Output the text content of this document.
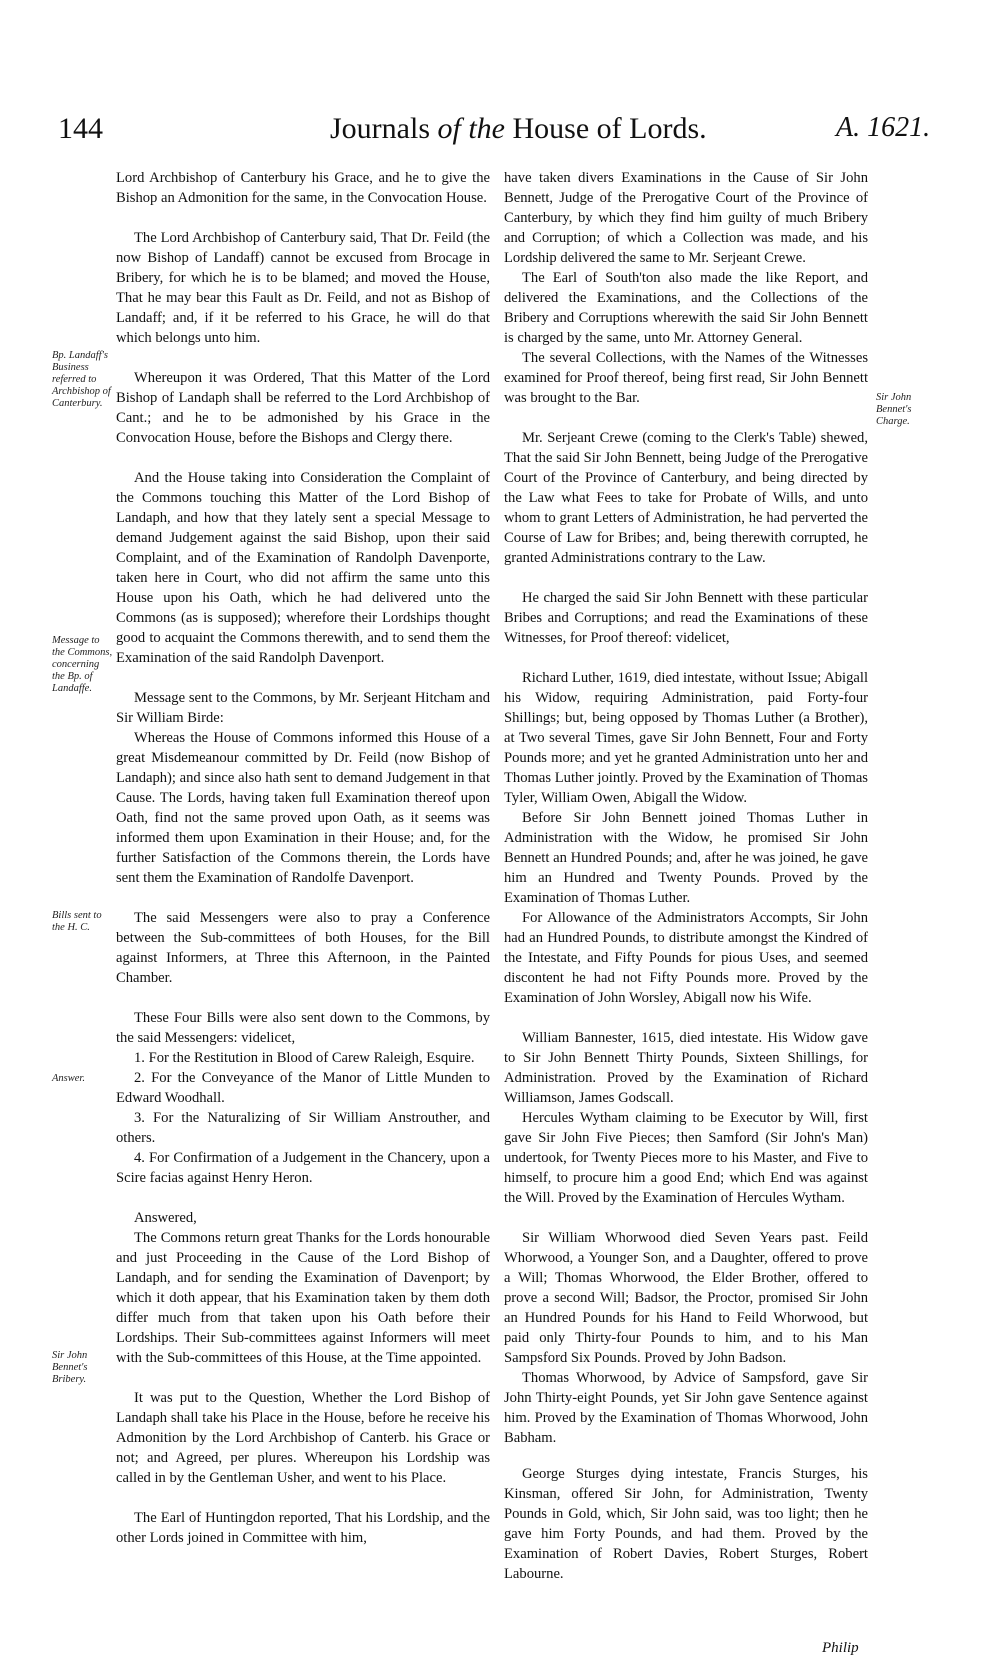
144	Journals of the House of Lords.	A. 1621.
Bp. Landaff's Business referred to Archbishop of Canterbury.
Message to the Commons, concerning the Bp. of Landaffe.
Bills sent to the H. C.
Answer.
Sir John Bennet's Bribery.
Sir John Bennet's Charge.

Lord Archbishop of Canterbury his Grace, and he to give the Bishop an Admonition for the same, in the Convocation House.

The Lord Archbishop of Canterbury said, That Dr. Feild (the now Bishop of Landaff) cannot be excused from Brocage in Bribery, for which he is to be blamed; and moved the House, That he may bear this Fault as Dr. Feild, and not as Bishop of Landaff; and, if it be referred to his Grace, he will do that which belongs unto him.

Whereupon it was Ordered, That this Matter of the Lord Bishop of Landaph shall be referred to the Lord Archbishop of Cant.; and he to be admonished by his Grace in the Convocation House, before the Bishops and Clergy there.

And the House taking into Consideration the Complaint of the Commons touching this Matter of the Lord Bishop of Landaph, and how that they lately sent a special Message to demand Judgement against the said Bishop, upon their said Complaint, and of the Examination of Randolph Davenporte, taken here in Court, who did not affirm the same unto this House upon his Oath, which he had delivered unto the Commons (as is supposed); wherefore their Lordships thought good to acquaint the Commons therewith, and to send them the Examination of the said Randolph Davenport.

Message sent to the Commons, by Mr. Serjeant Hitcham and Sir William Birde:

Whereas the House of Commons informed this House of a great Misdemeanour committed by Dr. Feild (now Bishop of Landaph); and since also hath sent to demand Judgement in that Cause. The Lords, having taken full Examination thereof upon Oath, find not the same proved upon Oath, as it seems was informed them upon Examination in their House; and, for the further Satisfaction of the Commons therein, the Lords have sent them the Examination of Randolfe Davenport.

The said Messengers were also to pray a Conference between the Sub-committees of both Houses, for the Bill against Informers, at Three this Afternoon, in the Painted Chamber.

These Four Bills were also sent down to the Commons, by the said Messengers: videlicet,

1. For the Restitution in Blood of Carew Raleigh, Esquire.

2. For the Conveyance of the Manor of Little Munden to Edward Woodhall.

3. For the Naturalizing of Sir William Anstrouther, and others.

4. For Confirmation of a Judgement in the Chancery, upon a Scire facias against Henry Heron.

Answered,

The Commons return great Thanks for the Lords honourable and just Proceeding in the Cause of the Lord Bishop of Landaph, and for sending the Examination of Davenport; by which it doth appear, that his Examination taken by them doth differ much from that taken upon his Oath before their Lordships. Their Sub-committees against Informers will meet with the Sub-committees of this House, at the Time appointed.

It was put to the Question, Whether the Lord Bishop of Landaph shall take his Place in the House, before he receive his Admonition by the Lord Archbishop of Canterb. his Grace or not; and Agreed, per plures. Whereupon his Lordship was called in by the Gentleman Usher, and went to his Place.

The Earl of Huntingdon reported, That his Lordship, and the other Lords joined in Committee with him,

have taken divers Examinations in the Cause of Sir John Bennett, Judge of the Prerogative Court of the Province of Canterbury, by which they find him guilty of much Bribery and Corruption; of which a Collection was made, and his Lordship delivered the same to Mr. Serjeant Crewe.

The Earl of South'ton also made the like Report, and delivered the Examinations, and the Collections of the Bribery and Corruptions wherewith the said Sir John Bennett is charged by the same, unto Mr. Attorney General.

The several Collections, with the Names of the Witnesses examined for Proof thereof, being first read, Sir John Bennett was brought to the Bar.

Mr. Serjeant Crewe (coming to the Clerk's Table) shewed, That the said Sir John Bennett, being Judge of the Prerogative Court of the Province of Canterbury, and being directed by the Law what Fees to take for Probate of Wills, and unto whom to grant Letters of Administration, he had perverted the Course of Law for Bribes; and, being therewith corrupted, he granted Administrations contrary to the Law.

He charged the said Sir John Bennett with these particular Bribes and Corruptions; and read the Examinations of these Witnesses, for Proof thereof: videlicet,

Richard Luther, 1619, died intestate, without Issue; Abigall his Widow, requiring Administration, paid Forty-four Shillings; but, being opposed by Thomas Luther (a Brother), at Two several Times, gave Sir John Bennett, Four and Forty Pounds more; and yet he granted Administration unto her and Thomas Luther jointly. Proved by the Examination of Thomas Tyler, William Owen, Abigall the Widow.

Before Sir John Bennett joined Thomas Luther in Administration with the Widow, he promised Sir John Bennett an Hundred Pounds; and, after he was joined, he gave him an Hundred and Twenty Pounds. Proved by the Examination of Thomas Luther.

For Allowance of the Administrators Accompts, Sir John had an Hundred Pounds, to distribute amongst the Kindred of the Intestate, and Fifty Pounds for pious Uses, and seemed discontent he had not Fifty Pounds more. Proved by the Examination of John Worsley, Abigall now his Wife.

William Bannester, 1615, died intestate. His Widow gave to Sir John Bennett Thirty Pounds, Sixteen Shillings, for Administration. Proved by the Examination of Richard Williamson, James Godscall.

Hercules Wytham claiming to be Executor by Will, first gave Sir John Five Pieces; then Samford (Sir John's Man) undertook, for Twenty Pieces more to his Master, and Five to himself, to procure him a good End; which End was against the Will. Proved by the Examination of Hercules Wytham.

Sir William Whorwood died Seven Years past. Feild Whorwood, a Younger Son, and a Daughter, offered to prove a Will; Thomas Whorwood, the Elder Brother, offered to prove a second Will; Badsor, the Proctor, promised Sir John an Hundred Pounds for his Hand to Feild Whorwood, but paid only Thirty-four Pounds to him, and to his Man Sampsford Six Pounds. Proved by John Badson.

Thomas Whorwood, by Advice of Sampsford, gave Sir John Thirty-eight Pounds, yet Sir John gave Sentence against him. Proved by the Examination of Thomas Whorwood, John Babham.

George Sturges dying intestate, Francis Sturges, his Kinsman, offered Sir John, for Administration, Twenty Pounds in Gold, which, Sir John said, was too light; then he gave him Forty Pounds, and had them. Proved by the Examination of Robert Davies, Robert Sturges, Robert Labourne.

Philip
